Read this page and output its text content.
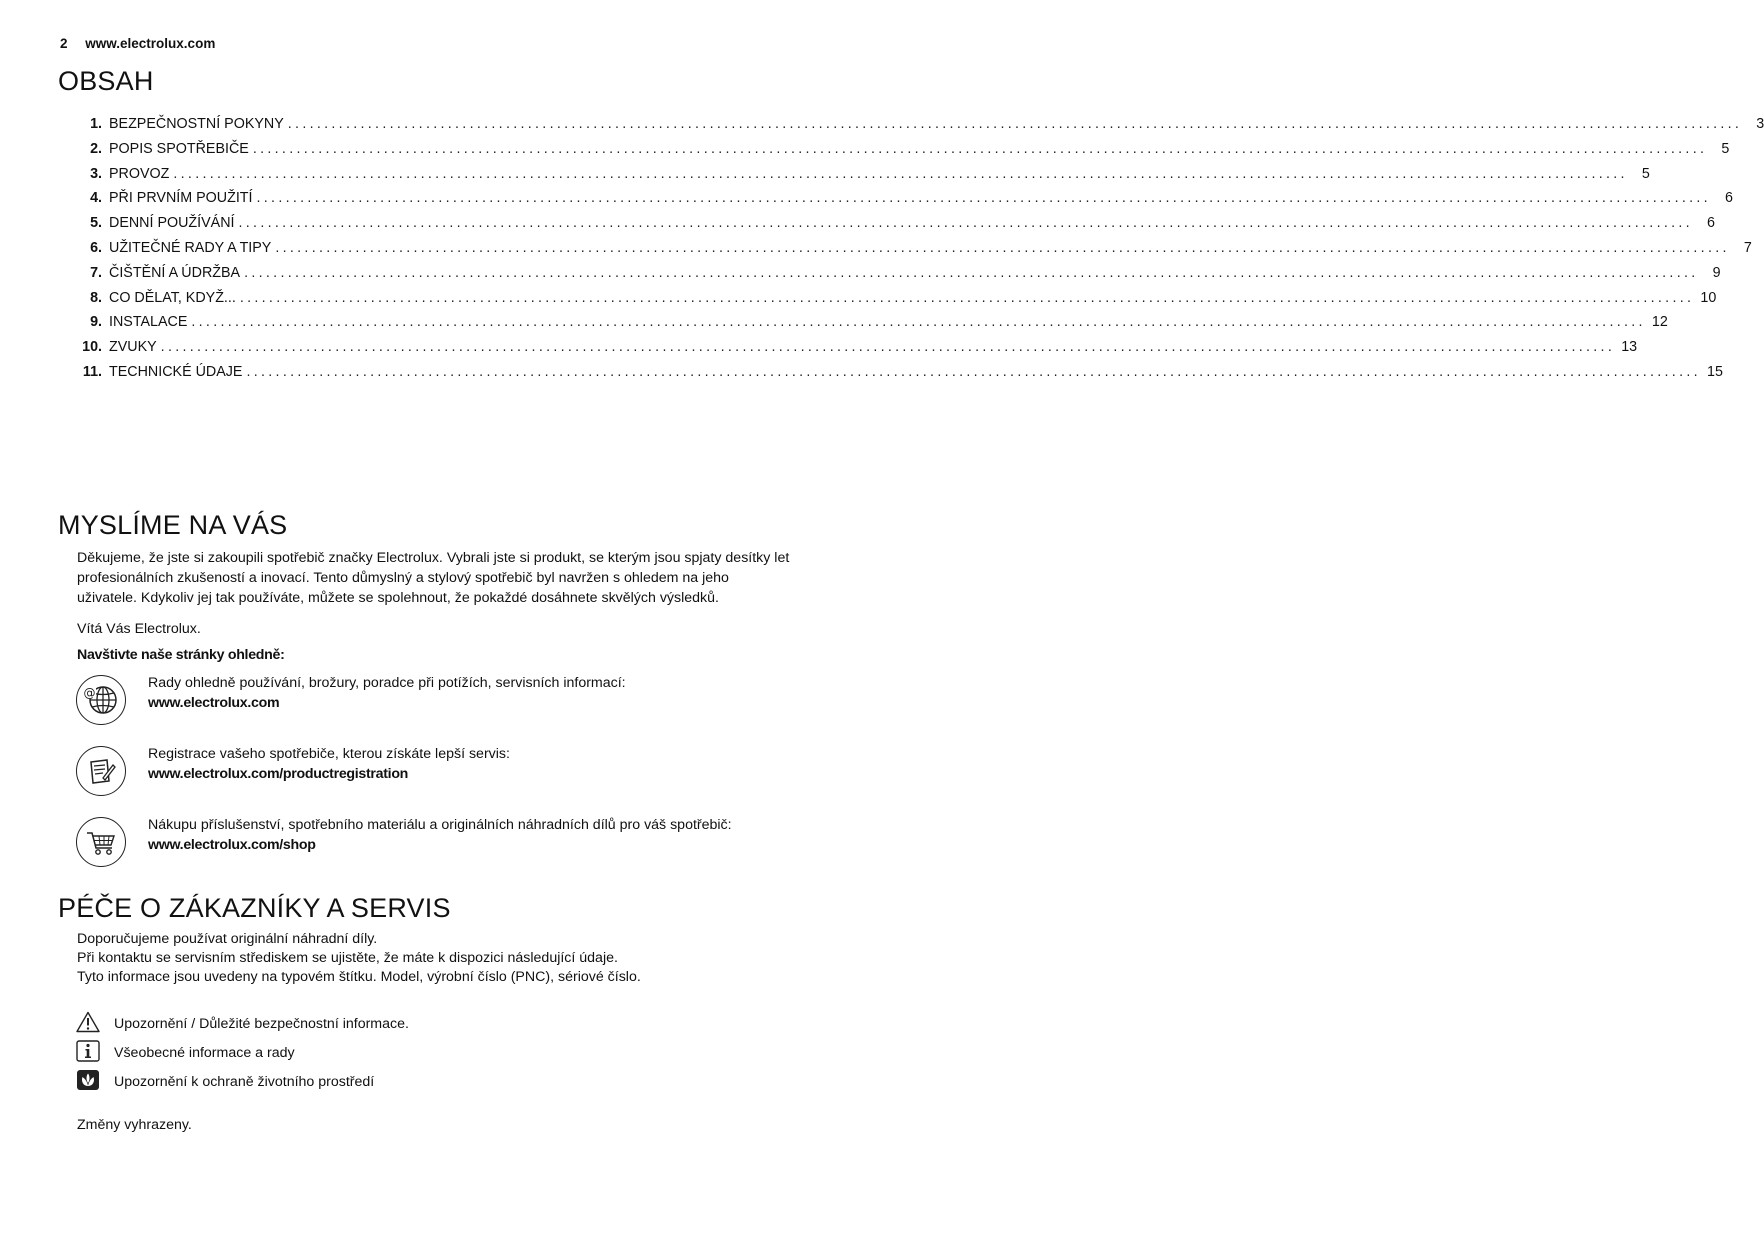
2 www.electrolux.com
OBSAH
1. BEZPEČNOSTNÍ POKYNY ........................................................................................................................................................................................................ 3
2. POPIS SPOTŘEBIČE ........................................................................................................................................................................................................ 5
3. PROVOZ ........................................................................................................................................................................................................ 5
4. PŘI PRVNÍM POUŽITÍ ........................................................................................................................................................................................................ 6
5. DENNÍ POUŽÍVÁNÍ ........................................................................................................................................................................................................ 6
6. UŽITEČNÉ RADY A TIPY ........................................................................................................................................................................................................ 7
7. ČIŠTĚNÍ A ÚDRŽBA ........................................................................................................................................................................................................ 9
8. CO DĚLAT, KDYŽ... ........................................................................................................................................................................................................ 10
9. INSTALACE ........................................................................................................................................................................................................ 12
10. ZVUKY ........................................................................................................................................................................................................ 13
11. TECHNICKÉ ÚDAJE ........................................................................................................................................................................................................ 15
MYSLÍME NA VÁS

Děkujeme, že jste si zakoupili spotřebič značky Electrolux. Vybrali jste si produkt, se kterým jsou spjaty desítky let
profesionálních zkušeností a inovací. Tento důmyslný a stylový spotřebič byl navržen s ohledem na jeho
uživatele. Kdykoliv jej tak používáte, můžete se spolehnout, že pokaždé dosáhnete skvělých výsledků.

Vítá Vás Electrolux.

Navštivte naše stránky ohledně:

@
Rady ohledně používání, brožury, poradce při potížích, servisních informací:
www.electrolux.com
Registrace vašeho spotřebiče, kterou získáte lepší servis:
www.electrolux.com/productregistration
Nákupu příslušenství, spotřebního materiálu a originálních náhradních dílů pro váš spotřebič:
www.electrolux.com/shop
PÉČE O ZÁKAZNÍKY A SERVIS

Doporučujeme používat originální náhradní díly.
Při kontaktu se servisním střediskem se ujistěte, že máte k dispozici následující údaje.
Tyto informace jsou uvedeny na typovém štítku. Model, výrobní číslo (PNC), sériové číslo.

Upozornění / Důležité bezpečnostní informace.
Všeobecné informace a rady
Upozornění k ochraně životního prostředí

Změny vyhrazeny.
